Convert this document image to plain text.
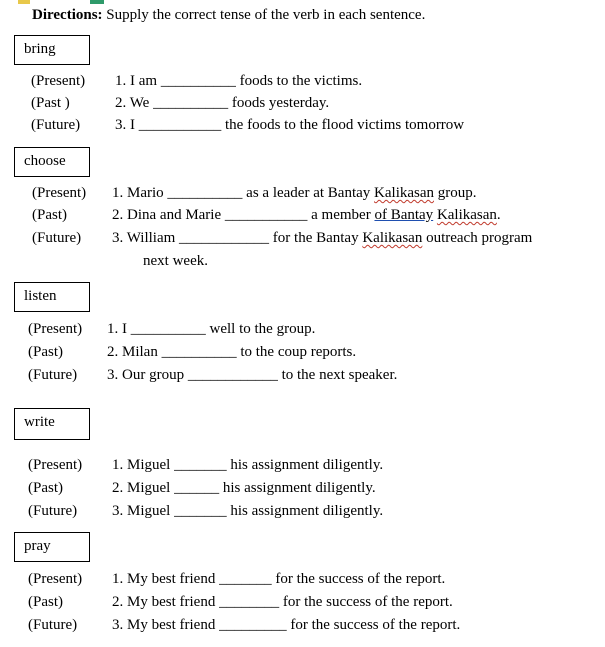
Directions: Supply the correct tense of the verb in each sentence.
bring
(Present) 1. I am __________ foods to the victims.
(Past )	2. We __________ foods yesterday.
(Future) 3. I ___________ the foods to the flood victims tomorrow
choose
(Present) 1. Mario __________ as a leader at Bantay Kalikasan group.
(Past)	2. Dina and Marie ___________ a member of Bantay Kalikasan.
(Future) 3. William ____________ for the Bantay Kalikasan outreach program
next week.
listen
(Present) 1. I __________ well to the group.
(Past)	2. Milan __________ to the coup reports.
(Future) 3. Our group ____________ to the next speaker.
write
(Present) 1. Miguel _______ his assignment diligently.
(Past)	2. Miguel ______ his assignment diligently.
(Future) 3. Miguel _______ his assignment diligently.
pray
(Present) 1. My best friend _______ for the success of the report.
(Past)	2. My best friend ________ for the success of the report.
(Future) 3. My best friend _________ for the success of the report.
